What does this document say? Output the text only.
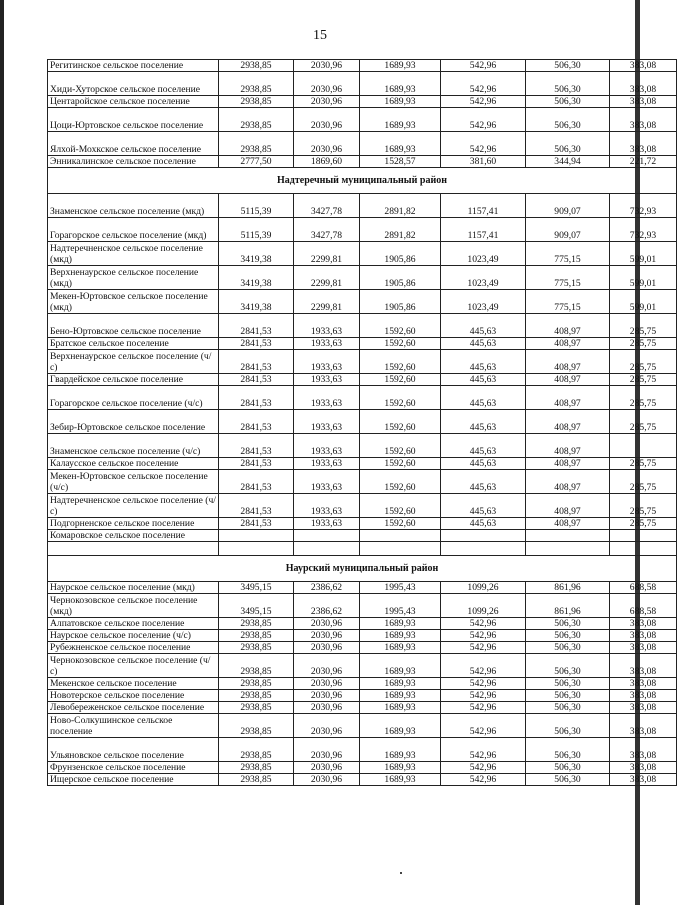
15
Регитинское сельское поселение	2938,85	2030,96	1689,93	542,96	506,30	383,08	
Хиди-Хуторское сельское поселение	2938,85	2030,96	1689,93	542,96	506,30	383,08	
Центаройское сельское поселение	2938,85	2030,96	1689,93	542,96	506,30	383,08	
Цоци-Юртовское сельское поселение	2938,85	2030,96	1689,93	542,96	506,30	383,08	
Ялхой-Мохкское сельское поселение	2938,85	2030,96	1689,93	542,96	506,30	383,08	
Энникалинское сельское поселение	2777,50	1869,60	1528,57	381,60	344,94	221,72	
Надтеречный муниципальный район							
Знаменское сельское поселение (мкд)	5115,39	3427,78	2891,82	1157,41	909,07	732,93	
Горагорское сельское поселение (мкд)	5115,39	3427,78	2891,82	1157,41	909,07	732,93	
Надтеречненское сельское поселение (мкд)	3419,38	2299,81	1905,86	1023,49	775,15	599,01	
Верхненаурское сельское поселение (мкд)	3419,38	2299,81	1905,86	1023,49	775,15	599,01	
Мекен-Юртовское сельское поселение (мкд)	3419,38	2299,81	1905,86	1023,49	775,15	599,01	
Бено-Юртовское сельское поселение	2841,53	1933,63	1592,60	445,63	408,97	285,75	
Братское сельское поселение	2841,53	1933,63	1592,60	445,63	408,97	285,75	
Верхненаурское сельское поселение (ч/с)	2841,53	1933,63	1592,60	445,63	408,97	285,75	
Гвардейское сельское поселение	2841,53	1933,63	1592,60	445,63	408,97	285,75	
Горагорское сельское поселение (ч/с)	2841,53	1933,63	1592,60	445,63	408,97	285,75	
Зебир-Юртовское сельское поселение	2841,53	1933,63	1592,60	445,63	408,97	285,75	
Знаменское сельское поселение (ч/с)	2841,53	1933,63	1592,60	445,63	408,97		
Калаусское сельское поселение	2841,53	1933,63	1592,60	445,63	408,97	285,75	
Мекен-Юртовское сельское поселение (ч/с)	2841,53	1933,63	1592,60	445,63	408,97	285,75	
Надтеречненское сельское поселение (ч/с)	2841,53	1933,63	1592,60	445,63	408,97	285,75	
Подгорненское сельское поселение	2841,53	1933,63	1592,60	445,63	408,97	285,75	
Комаровское сельское поселение							

Наурский муниципальный район							
Наурское сельское поселение (мкд)	3495,15	2386,62	1995,43	1099,26	861,96	688,58	
Чернокозовское сельское поселение (мкд)	3495,15	2386,62	1995,43	1099,26	861,96	688,58	
Алпатовское сельское поселение	2938,85	2030,96	1689,93	542,96	506,30	383,08	
Наурское сельское поселение (ч/с)	2938,85	2030,96	1689,93	542,96	506,30	383,08	
Рубежненское сельское поселение	2938,85	2030,96	1689,93	542,96	506,30	383,08	
Чернокозовское сельское поселение (ч/с)	2938,85	2030,96	1689,93	542,96	506,30	383,08	
Мекенское сельское поселение	2938,85	2030,96	1689,93	542,96	506,30	383,08	
Новотерское сельское поселение	2938,85	2030,96	1689,93	542,96	506,30	383,08	
Левобереженское сельское поселение	2938,85	2030,96	1689,93	542,96	506,30	383,08	
Ново-Солкушинское сельское поселение	2938,85	2030,96	1689,93	542,96	506,30	383,08	
Ульяновское сельское поселение	2938,85	2030,96	1689,93	542,96	506,30	383,08	
Фрунзенское сельское поселение	2938,85	2030,96	1689,93	542,96	506,30	383,08	
Ищерское сельское поселение	2938,85	2030,96	1689,93	542,96	506,30	383,08	
